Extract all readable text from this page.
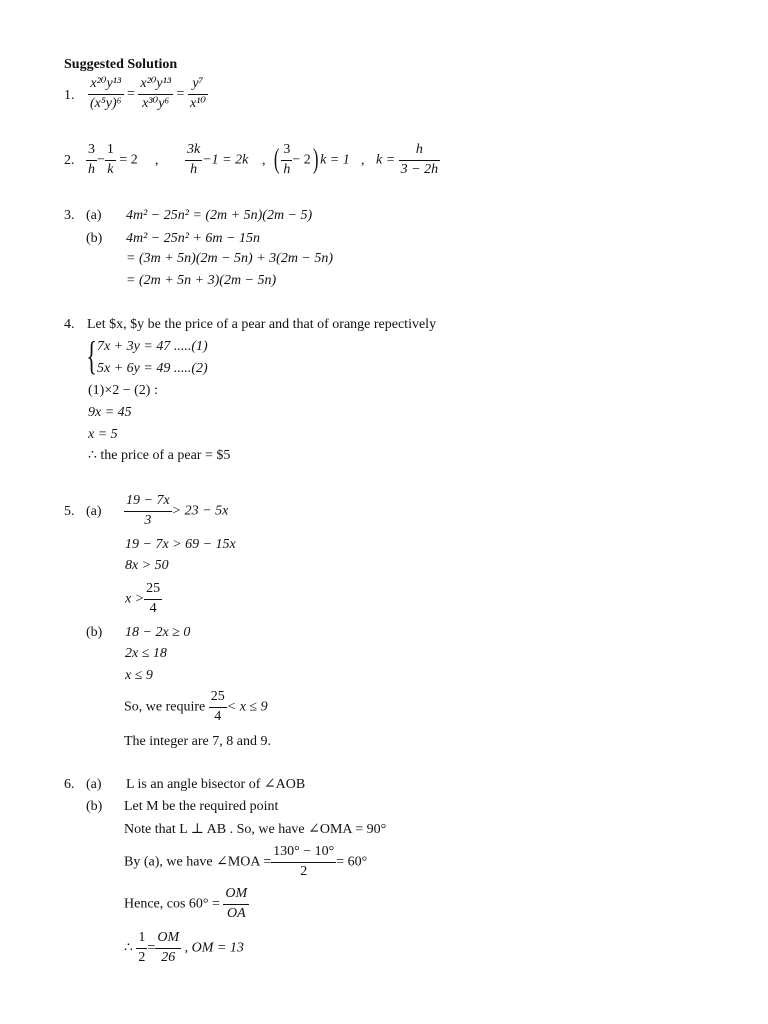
Suggested Solution
1. $\frac{\text{x²⁰y¹³}}{\text{(x⁵y)⁶}} = \frac{\text{x²⁰y¹³}}{\text{x³⁰y⁶}} = \frac{\text{y⁷}}{\text{x¹⁰}}$
2. $\frac{3}{h} - \frac{1}{k} = 2$ , $\frac{3k}{h} -1 = 2k$ , ( $\frac{3}{h} - 2$) k = 1 , $k = \frac{h}{3 - 2h}$
3. (a) 4m² − 25n² = (2m + 5n)(2m − 5)
(b) 4m² − 25n² + 6m − 15n
= (3m + 5n)(2m − 5n) + 3(2m − 5n)
= (2m + 5n + 3)(2m − 5n)
4. Let $x, $y be the price of a pear and that of orange repectively
{ 7x + 3y = 47 .....(1)
5x + 6y = 49 .....(2)
(1)×2 − (2) :
9x = 45
x = 5
∴ the price of a pear = $5
5. $(a) \frac{19 - 7x}{3} > 23 - 5x$
19 − 7x > 69 − 15x
8x > 50
$x > \frac{25}{4}$
(b) 18 − 2x ≥ 0
2x ≤ 18
x ≤ 9
So, we require $\frac{25}{4} < x \le 9$
The integer are 7, 8 and 9.
6. (a) L is an angle bisector of ∠AOB
(b) Let M be the required point
Note that L ⊥ AB . So, we have ∠OMA = 90°
By (a), we have ∠MOA = $\frac{130^\circ - 10^\circ}{2} = 60^\circ$
Hence, $\cos 60^\circ = \frac{OM}{OA}$
∴ $\frac{1}{2} = \frac{OM}{26}$ , OM = 13
